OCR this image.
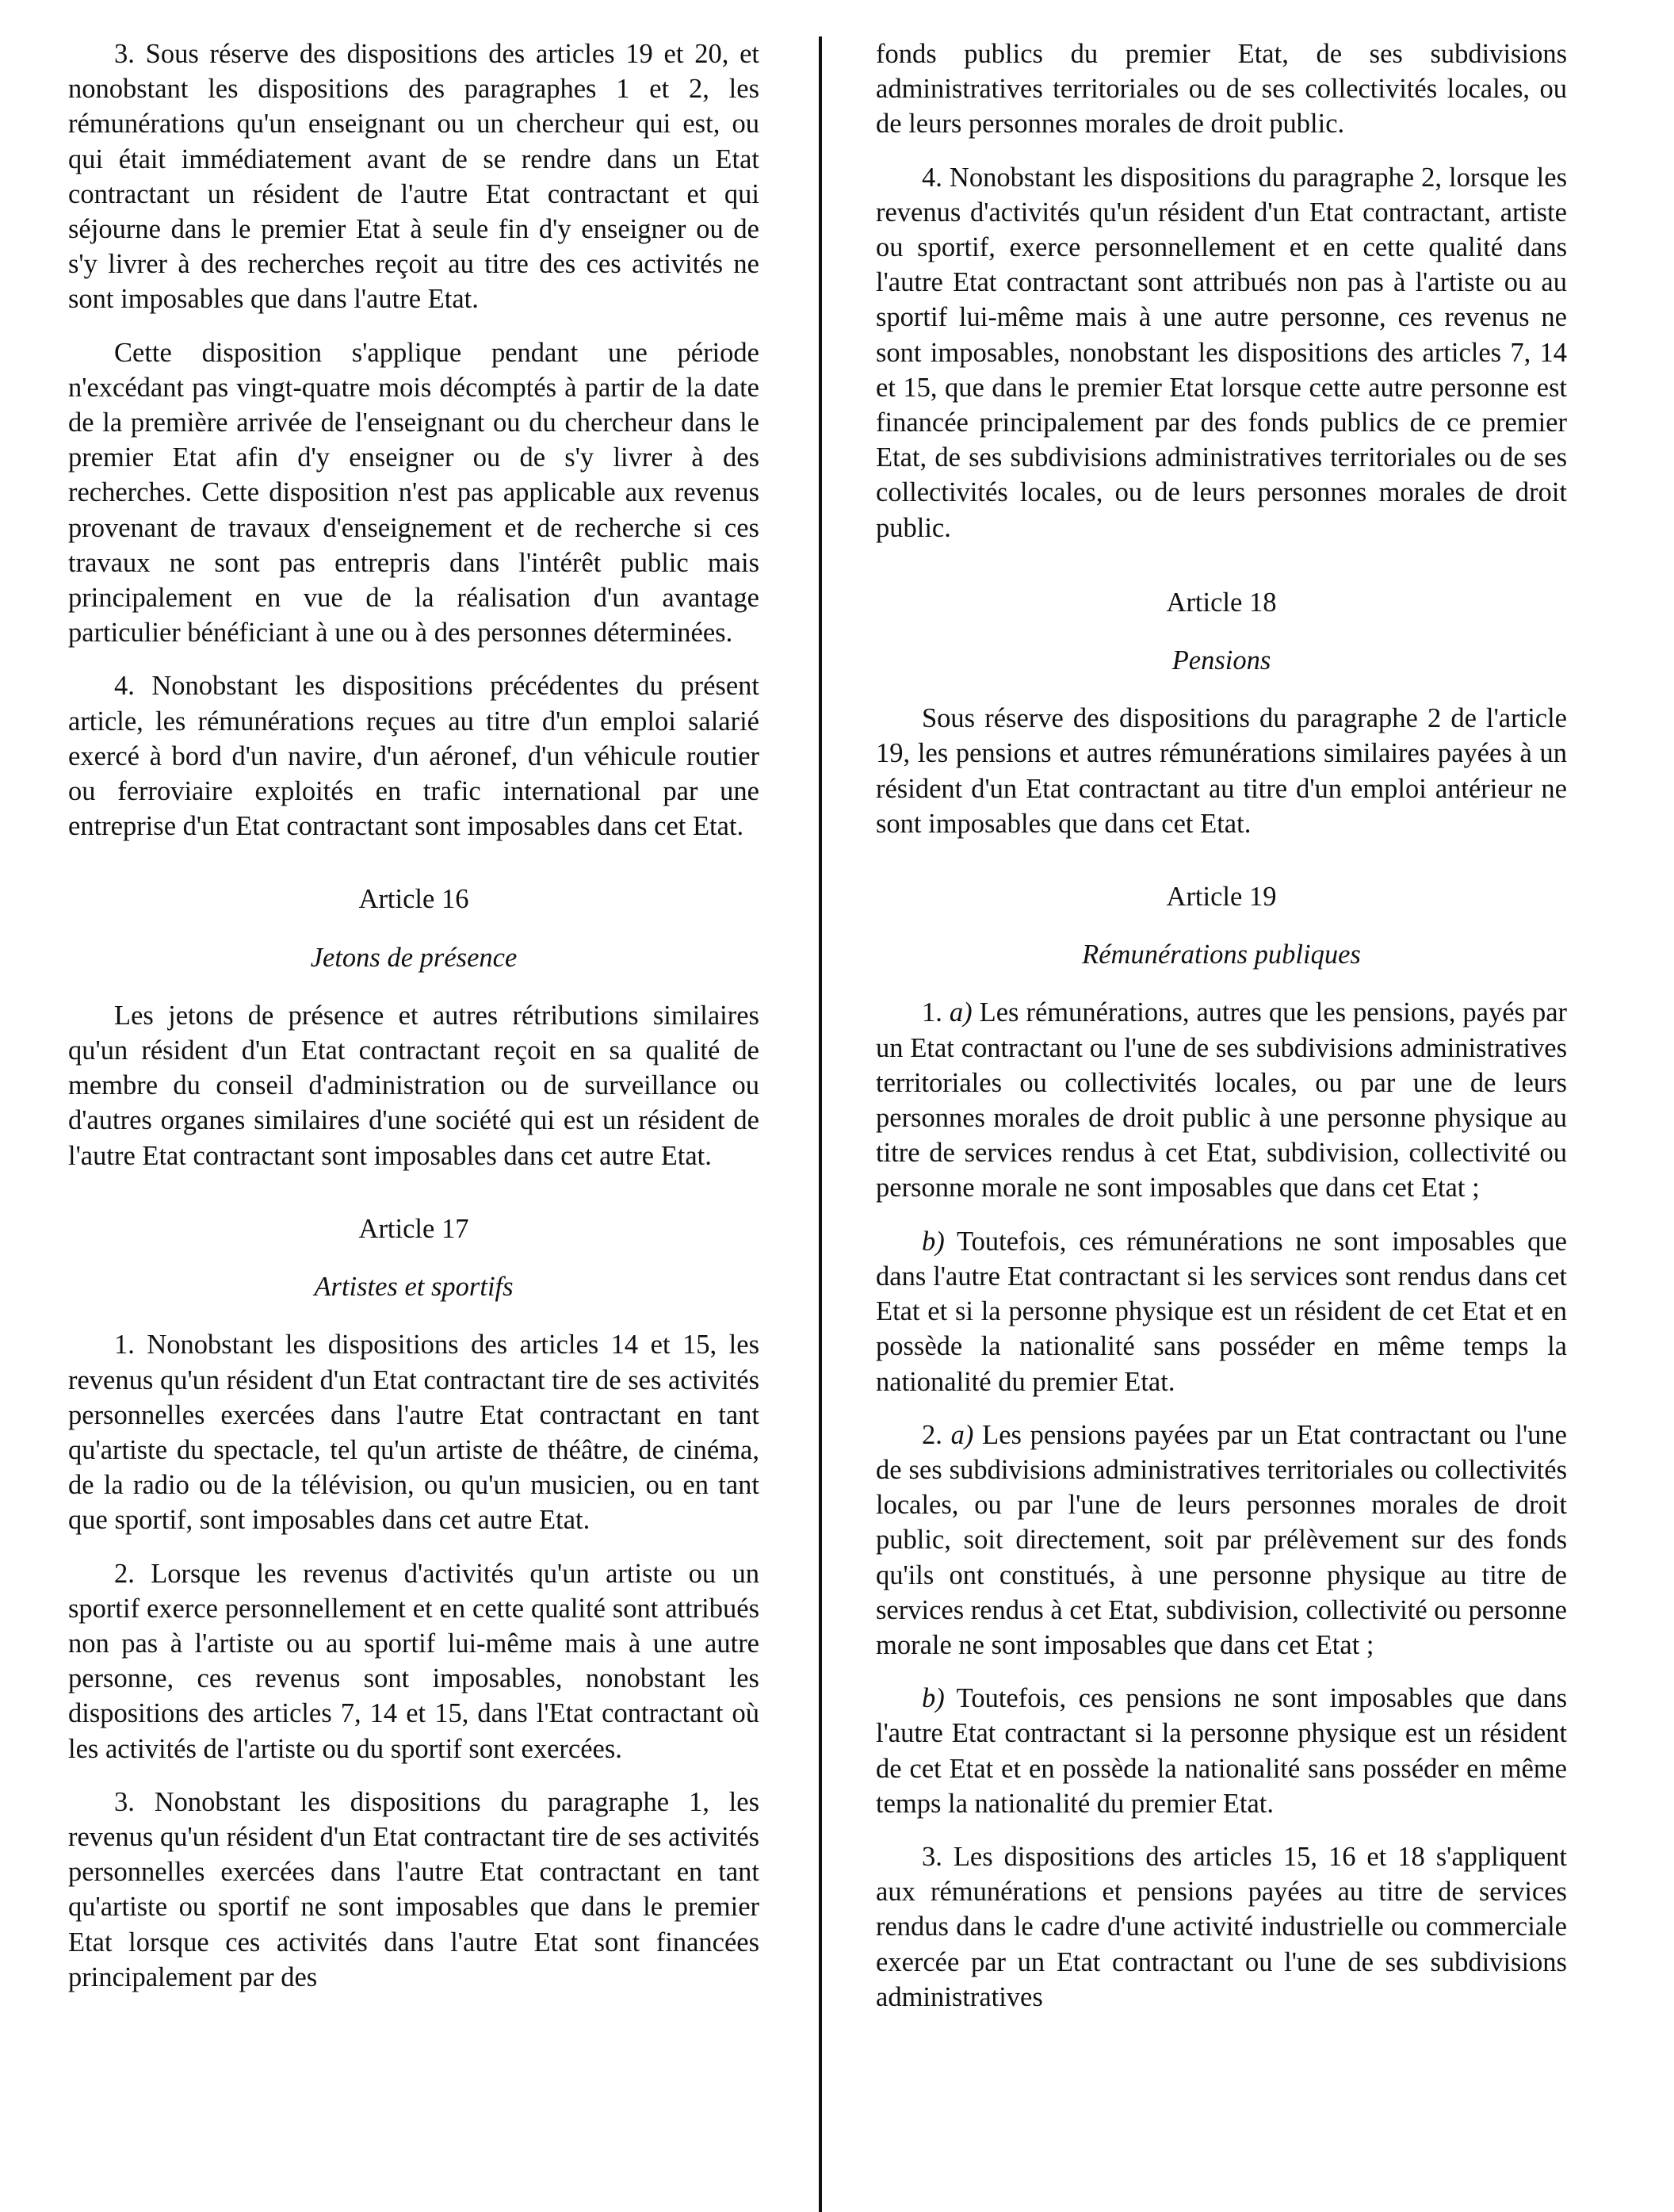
3. Sous réserve des dispositions des articles 19 et 20, et nonobstant les dispositions des paragraphes 1 et 2, les rémunérations qu'un enseignant ou un chercheur qui est, ou qui était immédiatement avant de se rendre dans un Etat contractant un résident de l'autre Etat contractant et qui séjourne dans le premier Etat à seule fin d'y enseigner ou de s'y livrer à des recherches reçoit au titre des ces activités ne sont imposables que dans l'autre Etat.

Cette disposition s'applique pendant une période n'excédant pas vingt-quatre mois décomptés à partir de la date de la première arrivée de l'enseignant ou du chercheur dans le premier Etat afin d'y enseigner ou de s'y livrer à des recherches. Cette disposition n'est pas applicable aux revenus provenant de travaux d'enseignement et de recherche si ces travaux ne sont pas entrepris dans l'intérêt public mais principalement en vue de la réalisation d'un avantage particulier bénéficiant à une ou à des personnes déterminées.

4. Nonobstant les dispositions précédentes du présent article, les rémunérations reçues au titre d'un emploi salarié exercé à bord d'un navire, d'un aéronef, d'un véhicule routier ou ferroviaire exploités en trafic international par une entreprise d'un Etat contractant sont imposables dans cet Etat.

Article 16
Jetons de présence

Les jetons de présence et autres rétributions similaires qu'un résident d'un Etat contractant reçoit en sa qualité de membre du conseil d'administration ou de surveillance ou d'autres organes similaires d'une société qui est un résident de l'autre Etat contractant sont imposables dans cet autre Etat.

Article 17
Artistes et sportifs

1. Nonobstant les dispositions des articles 14 et 15, les revenus qu'un résident d'un Etat contractant tire de ses activités personnelles exercées dans l'autre Etat contractant en tant qu'artiste du spectacle, tel qu'un artiste de théâtre, de cinéma, de la radio ou de la télévision, ou qu'un musicien, ou en tant que sportif, sont imposables dans cet autre Etat.

2. Lorsque les revenus d'activités qu'un artiste ou un sportif exerce personnellement et en cette qualité sont attribués non pas à l'artiste ou au sportif lui-même mais à une autre personne, ces revenus sont imposables, nonobstant les dispositions des articles 7, 14 et 15, dans l'Etat contractant où les activités de l'artiste ou du sportif sont exercées.

3. Nonobstant les dispositions du paragraphe 1, les revenus qu'un résident d'un Etat contractant tire de ses activités personnelles exercées dans l'autre Etat contractant en tant qu'artiste ou sportif ne sont imposables que dans le premier Etat lorsque ces activités dans l'autre Etat sont financées principalement par des

fonds publics du premier Etat, de ses subdivisions administratives territoriales ou de ses collectivités locales, ou de leurs personnes morales de droit public.

4. Nonobstant les dispositions du paragraphe 2, lorsque les revenus d'activités qu'un résident d'un Etat contractant, artiste ou sportif, exerce personnellement et en cette qualité dans l'autre Etat contractant sont attribués non pas à l'artiste ou au sportif lui-même mais à une autre personne, ces revenus ne sont imposables, nonobstant les dispositions des articles 7, 14 et 15, que dans le premier Etat lorsque cette autre personne est financée principalement par des fonds publics de ce premier Etat, de ses subdivisions administratives territoriales ou de ses collectivités locales, ou de leurs personnes morales de droit public.

Article 18
Pensions

Sous réserve des dispositions du paragraphe 2 de l'article 19, les pensions et autres rémunérations similaires payées à un résident d'un Etat contractant au titre d'un emploi antérieur ne sont imposables que dans cet Etat.

Article 19
Rémunérations publiques

1. a) Les rémunérations, autres que les pensions, payés par un Etat contractant ou l'une de ses subdivisions administratives territoriales ou collectivités locales, ou par une de leurs personnes morales de droit public à une personne physique au titre de services rendus à cet Etat, subdivision, collectivité ou personne morale ne sont imposables que dans cet Etat ;

b) Toutefois, ces rémunérations ne sont imposables que dans l'autre Etat contractant si les services sont rendus dans cet Etat et si la personne physique est un résident de cet Etat et en possède la nationalité sans posséder en même temps la nationalité du premier Etat.

2. a) Les pensions payées par un Etat contractant ou l'une de ses subdivisions administratives territoriales ou collectivités locales, ou par l'une de leurs personnes morales de droit public, soit directement, soit par prélèvement sur des fonds qu'ils ont constitués, à une personne physique au titre de services rendus à cet Etat, subdivision, collectivité ou personne morale ne sont imposables que dans cet Etat ;

b) Toutefois, ces pensions ne sont imposables que dans l'autre Etat contractant si la personne physique est un résident de cet Etat et en possède la nationalité sans posséder en même temps la nationalité du premier Etat.

3. Les dispositions des articles 15, 16 et 18 s'appliquent aux rémunérations et pensions payées au titre de services rendus dans le cadre d'une activité industrielle ou commerciale exercée par un Etat contractant ou l'une de ses subdivisions administratives
